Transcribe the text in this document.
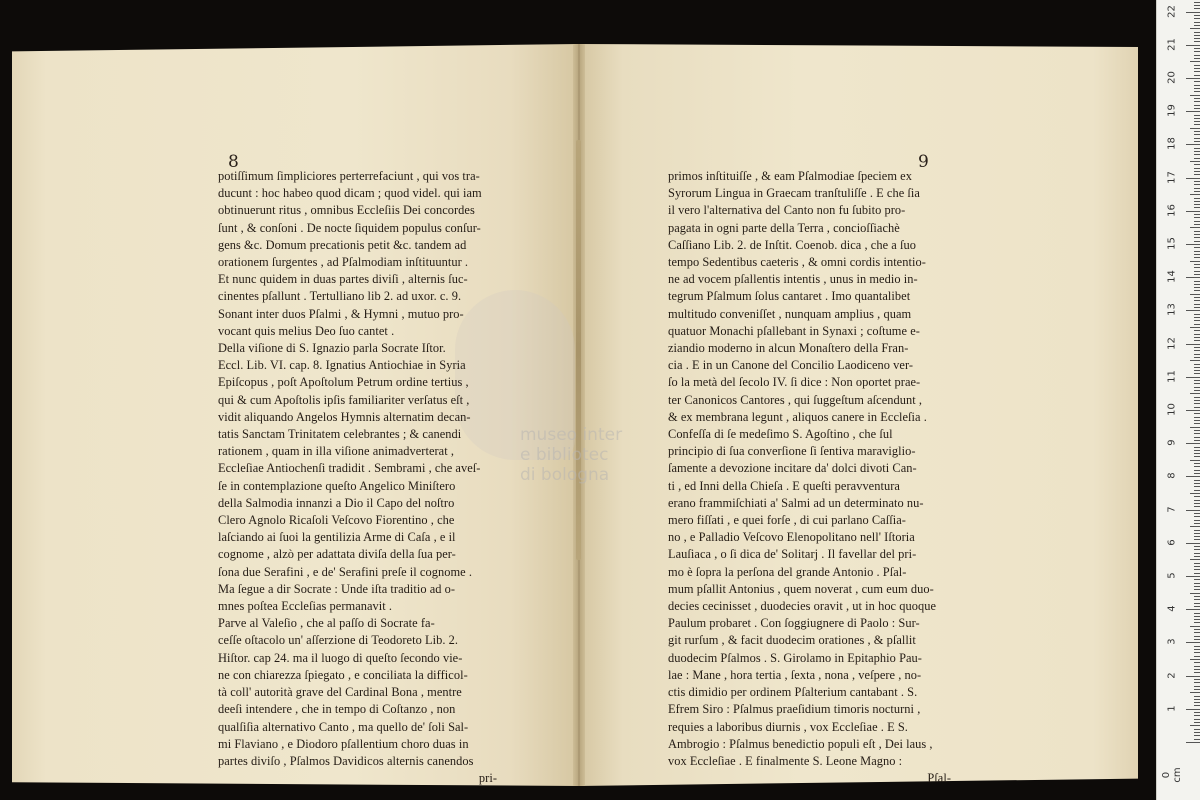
8	9
potiſſimum ſimpliciores perterrefaciunt , qui vos tra-
ducunt : hoc habeo quod dicam ; quod videl. qui iam
obtinuerunt ritus , omnibus Eccleſiis Dei concordes
ſunt , & conſoni . De nocte ſiquidem populus conſur-
gens &c. Domum precationis petit &c. tandem ad
orationem ſurgentes , ad Pſalmodiam inſtituuntur .
Et nunc quidem in duas partes diviſi , alternis ſuc-
cinentes pſallunt . Tertulliano lib 2. ad uxor. c. 9.
Sonant inter duos Pſalmi , & Hymni , mutuo pro-
vocant quis melius Deo ſuo cantet .
Della viſione di S. Ignazio parla Socrate Iſtor.
Eccl. Lib. VI. cap. 8. Ignatius Antiochiae in Syria
Epiſcopus , poſt Apoſtolum Petrum ordine tertius ,
qui & cum Apoſtolis ipſis familiariter verſatus eſt ,
vidit aliquando Angelos Hymnis alternatim decan-
tatis Sanctam Trinitatem celebrantes ; & canendi
rationem , quam in illa viſione animadverterat ,
Eccleſiae Antiochenſi tradidit . Sembrami , che aveſ-
ſe in contemplazione queſto Angelico Miniſtero
della Salmodia innanzi a Dio il Capo del noſtro
Clero Agnolo Ricaſoli Veſcovo Fiorentino , che
laſciando ai ſuoi la gentilizia Arme di Caſa , e il
cognome , alzò per adattata diviſa della ſua per-
ſona due Serafini , e de' Serafini preſe il cognome .
Ma ſegue a dir Socrate : Unde iſta traditio ad o-
mnes poſtea Eccleſias permanavit .
Parve al Valeſio , che al paſſo di Socrate fa-
ceſſe oſtacolo un' aſſerzione di Teodoreto Lib. 2.
Hiſtor. cap 24. ma il luogo di queſto ſecondo vie-
ne con chiarezza ſpiegato , e conciliata la difficol-
tà coll' autorità grave del Cardinal Bona , mentre
deeſi intendere , che in tempo di Coſtanzo , non
qualſiſia alternativo Canto , ma quello de' ſoli Sal-
mi Flaviano , e Diodoro pſallentium choro duas in
partes diviſo , Pſalmos Davidicos alternis canendos
pri-
primos inſtituiſſe , & eam Pſalmodiae ſpeciem ex
Syrorum Lingua in Graecam tranſtuliſſe . E che ſia
il vero l'alternativa del Canto non fu ſubito pro-
pagata in ogni parte della Terra , concioſſiachè
Caſſiano Lib. 2. de Inſtit. Coenob. dica , che a ſuo
tempo Sedentibus caeteris , & omni cordis intentio-
ne ad vocem pſallentis intentis , unus in medio in-
tegrum Pſalmum ſolus cantaret . Imo quantalibet
multitudo conveniſſet , nunquam amplius , quam
quatuor Monachi pſallebant in Synaxi ; coſtume e-
ziandio moderno in alcun Monaſtero della Fran-
cia . E in un Canone del Concilio Laodiceno ver-
ſo la metà del ſecolo IV. ſi dice : Non oportet prae-
ter Canonicos Cantores , qui ſuggeſtum aſcendunt ,
& ex membrana legunt , aliquos canere in Eccleſia .
Confeſſa di ſe medeſimo S. Agoſtino , che ſul
principio di ſua converſione ſi ſentiva maraviglio-
ſamente a devozione incitare da' dolci divoti Can-
ti , ed Inni della Chieſa . E queſti peravventura
erano frammiſchiati a' Salmi ad un determinato nu-
mero fiſſati , e quei forſe , di cui parlano Caſſia-
no , e Palladio Veſcovo Elenopolitano nell' Iſtoria
Lauſiaca , o ſi dica de' Solitarj . Il favellar del pri-
mo è ſopra la perſona del grande Antonio . Pſal-
mum pſallit Antonius , quem noverat , cum eum duo-
decies cecinisset , duodecies oravit , ut in hoc quoque
Paulum probaret . Con ſoggiugnere di Paolo : Sur-
git rurſum , & facit duodecim orationes , & pſallit
duodecim Pſalmos . S. Girolamo in Epitaphio Pau-
lae : Mane , hora tertia , ſexta , nona , veſpere , no-
ctis dimidio per ordinem Pſalterium cantabant . S.
Efrem Siro : Pſalmus praeſidium timoris nocturni ,
requies a laboribus diurnis , vox Eccleſiae . E S.
Ambrogio : Pſalmus benedictio populi eſt , Dei laus ,
vox Eccleſiae . E finalmente S. Leone Magno :
Pſal-
museo inter
e bibliotec
di bologna
0 cm
1
2
3
4
5
6
7
8
9
10
11
12
13
14
15
16
17
18
19
20
21
22
